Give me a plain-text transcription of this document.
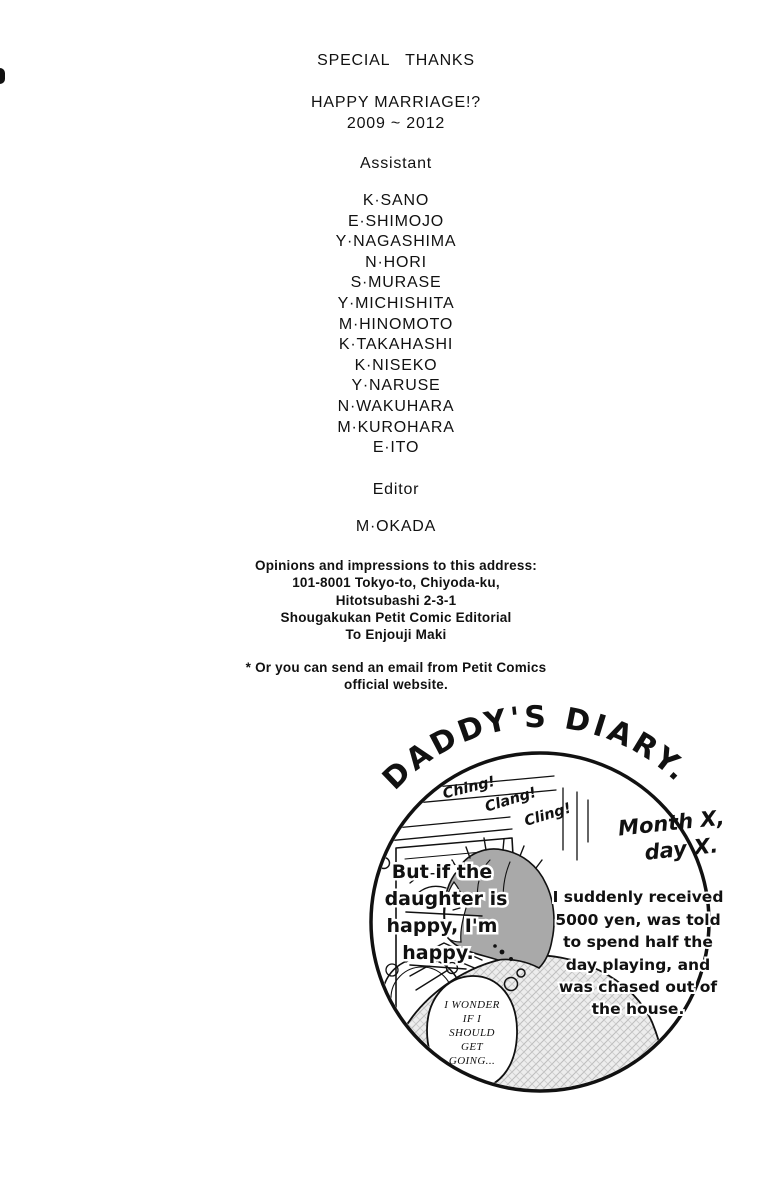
SPECIAL   THANKS
HAPPY MARRIAGE!?
2009 ~ 2012
Assistant
K·SANO
E·SHIMOJO
Y·NAGASHIMA
N·HORI
S·MURASE
Y·MICHISHITA
M·HINOMOTO
K·TAKAHASHI
K·NISEKO
Y·NARUSE
N·WAKUHARA
M·KUROHARA
E·ITO
Editor
M·OKADA
Opinions and impressions to this address:
101-8001 Tokyo-to, Chiyoda-ku,
Hitotsubashi 2-3-1
Shougakukan Petit Comic Editorial
To Enjouji Maki
* Or you can send an email from Petit Comics
official website.
DADDY'S DIARY.
Ching!
Clang!
Cling! Month X,
day X.
But if the
daughter is
happy, I'm
happy.
I suddenly received
5000 yen, was told
to spend half the
day playing, and
was chased out of
the house.
I WONDER
IF I
SHOULD
GET
GOING...
